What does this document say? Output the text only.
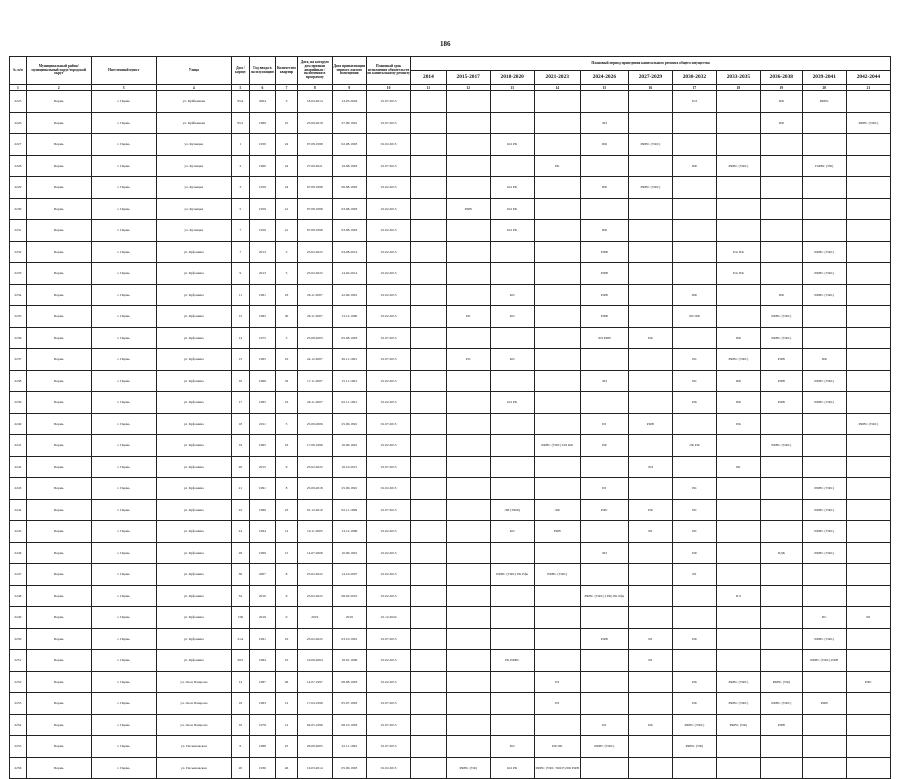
186
№ п/п	Муниципальный район/муниципальный округ/городской округ	Населенный пункт	Улица	Дом / корпус	Год ввода в эксплуатацию	Количество квартир	Дата, на которую дом признан аварийным / включения в программу	Дата приватизации первого жилого помещения	Плановый срок исполнения обязательств по капитальному ремонту	Плановый период проведения капитального ремонта общего имущества										
										2014	2015-2017	2018-2020	2021-2023	2024-2026	2027-2029	2030-2032	2033-2035	2036-2038	2039-2041	2042-2044
1	2	3	4	5	6	7	8	9	10	11	12	13	14	15	16	17	18	19	20	21
2225	Пермь	г. Пермь	ул. Куйбышева	95А	2004	3	18.04.2014	14.05.2004	01.07.2015							ПЛ		ПФ	РФВС	
2226	Пермь	г. Пермь	ул. Куйбышева	95/1	1989	10	25.09.2018	27.09.1991	01.07.2015					ЛИ				ПФ		РФВС (УФС)
2227	Пермь	г. Пермь	ул. Кузнецка	1	1959	24	07.08.1998	02.08.1993	01.02.2015			КО РК		ПФ	РФВС (УФС)					
2228	Пермь	г. Пермь	ул. Кузнецка	2	1960	24	27.09.2021	19.08.1993	01.07.2015				РК			ПФ	РФВС (УФС)		ПФВС (УФ)	
2229	Пермь	г. Пермь	ул. Кузнецка	3	1959	24	07.08.1998	06.08.1993	01.02.2015			КО РК		ПФ	РФВС (УФС)					
2230	Пермь	г. Пермь	ул. Кузнецка	5	1959	41	07.08.1998	03.08.1993	01.02.2015		РФВ	КО РК								
2231	Пермь	г. Пермь	ул. Кузнецка	7	1959	41	07.08.1998	03.08.1993	01.02.2015			КО РК		ПФ						
2232	Пермь	г. Пермь	ул. Куфонина	7	2013	5	25.02.2022	04.08.2014	01.02.2015					РФВ			ПА ПК		РФВС (УФС)	
2233	Пермь	г. Пермь	ул. Куфонина	9	2013	5	25.02.2022	14.02.2014	01.02.2015					РФВ			ПА ПК		РФВС (УФС)	
2234	Пермь	г. Пермь	ул. Куфонина	11	1981	18	26.11.2007	22.09.1991	01.02.2015			КО		РФВ		ПФ		ПФ	РФВС (УФС)	
2235	Пермь	г. Пермь	ул. Куфонина	15	1985	30	26.11.2007	13.12.1990	01.02.2015		РК	КО		РФВ		ЛК ПФ		РФВС (УФС)		
2236	Пермь	г. Пермь	ул. Куфонина	14	1975	5	25.08.2003	05.08.1993	01.07.2015					ЛИ РФВ	ПК		ПФ	РФВС (УФС)		
2237	Пермь	г. Пермь	ул. Куфонина	15	1985	16	24.12.2007	26.11.1991	01.07.2015		РО	КО				РК	РФВС (УФС)	РФВ	ПФ	
2238	Пермь	г. Пермь	ул. Куфонина	16	1986	32	17.11.2007	15.11.1991	01.02.2015					ЛИ		РК	ПФ	РФВ	РФВС (УФС)	
2239	Пермь	г. Пермь	ул. Куфонина	17	1985	16	26.11.2007	02.11.1991	01.02.2015			КО РК				ПК	ПФ	РФВ	РФВС (УФС)	
2240	Пермь	г. Пермь	ул. Куфонина	18	2011	5	25.09.2006	25.09.1991	01.07.2015					РЛ	РФВ		ПК			РФВС (УФС)
2241	Пермь	г. Пермь	ул. Куфонина	19	1985	16	17.06.1999	16.09.1991	01.02.2015				РФВС (УФС) ПО КФ	РФ		ЛК РФ		РФВС (УФС)		
2242	Пермь	г. Пермь	ул. Куфонина	20	2015	9	25.02.2022	16.10.2015	01.07.2015						ЛИ		РК			
2243	Пермь	г. Пермь	ул. Куфонина	21	1991	8	25.09.2018	25.09.1991	01.02.2015					РЛ		РК			РФВС (УФС)	
2244	Пермь	г. Пермь	ул. Куфонина	22	1989	23	01.12.2010	02.11.1999	01.07.2015			ЛИ (ТФФ)	ЛФ	РФС	РФ	РК			РФВС (УФС)	
2245	Пермь	г. Пермь	ул. Куфонина	24	1994	12	10.11.2005	13.12.1996	01.02.2015			КО	РФВ		РЛ	РК			РФВС (УФС)	
2246	Пермь	г. Пермь	ул. Куфонина	28	1999	15	14.07.2008	10.09.1991	01.02.2015					ЛИ		РФ		ПДК	РФВС (УФС)	
2247	Пермь	г. Пермь	ул. Куфонина	30	2007	8	23.02.2022	14.10.2007	01.02.2015			РФВС (УФС) РК Рфв	РФВС (УФС)			РЛ				
2248	Пермь	г. Пермь	ул. Куфонина	32	2010	6	25.02.2022	08.02.2010	01.02.2015					РФВС (УФС) (ТФ) РК Рфв			ПЛ			
2249	Пермь	г. Пермь	ул. Куфонина	15Б	2019	0	2019	2019	01.12.2024										ПС	РЛ
2250	Пермь	г. Пермь	ул. Куфонина	21А	1991	16	25.02.2022	03.10.1991	01.07.2015					РФВ	РЛ	ПК			РФВС (УФС)	
2251	Пермь	г. Пермь	ул. Куфонина	29/1	1984	19	16.09.2004	18.01.1999	01.02.2015			РК РФВС			РЛ				РФВС (УФС) РФВ	
2252	Пермь	г. Пермь	ул. Леон Пашрона	14	1987	46	14.07.1997	08.08.1993	01.02.2015				РЛ			ПК	РФВС (УФС)	РФВС (УФ)		РФС
2253	Пермь	г. Пермь	ул. Леон Пашрона	16	1983	12	17.04.1999	05.07.1993	01.07.2015				РЛ			ПК	РФВС (УФС)	РФВС (УФС)	РФВ	
2254	Пермь	г. Пермь	ул. Леон Пашрона	16	1978	12	04.05.1999	08.10.1993	01.07.2015					РЛ	ПК	РФВС (УФС)	РФВС (УФ)	РФВ		
2255	Пермь	г. Пермь	ул. Пасьяновская	6	1988	25	26.09.2005	22.11.1992	01.07.2015			КО	РФ ПК	РФВС (УФС)		РФВС (УФ)				
2256	Пермь	г. Пермь	ул. Пасьяновская	20	1936	46	16.03.2014	05.09.1993	01.02.2015		РФВС (УФ)	КО РК	РФВС (УФС ТФСЕ) РФ РФВ							
